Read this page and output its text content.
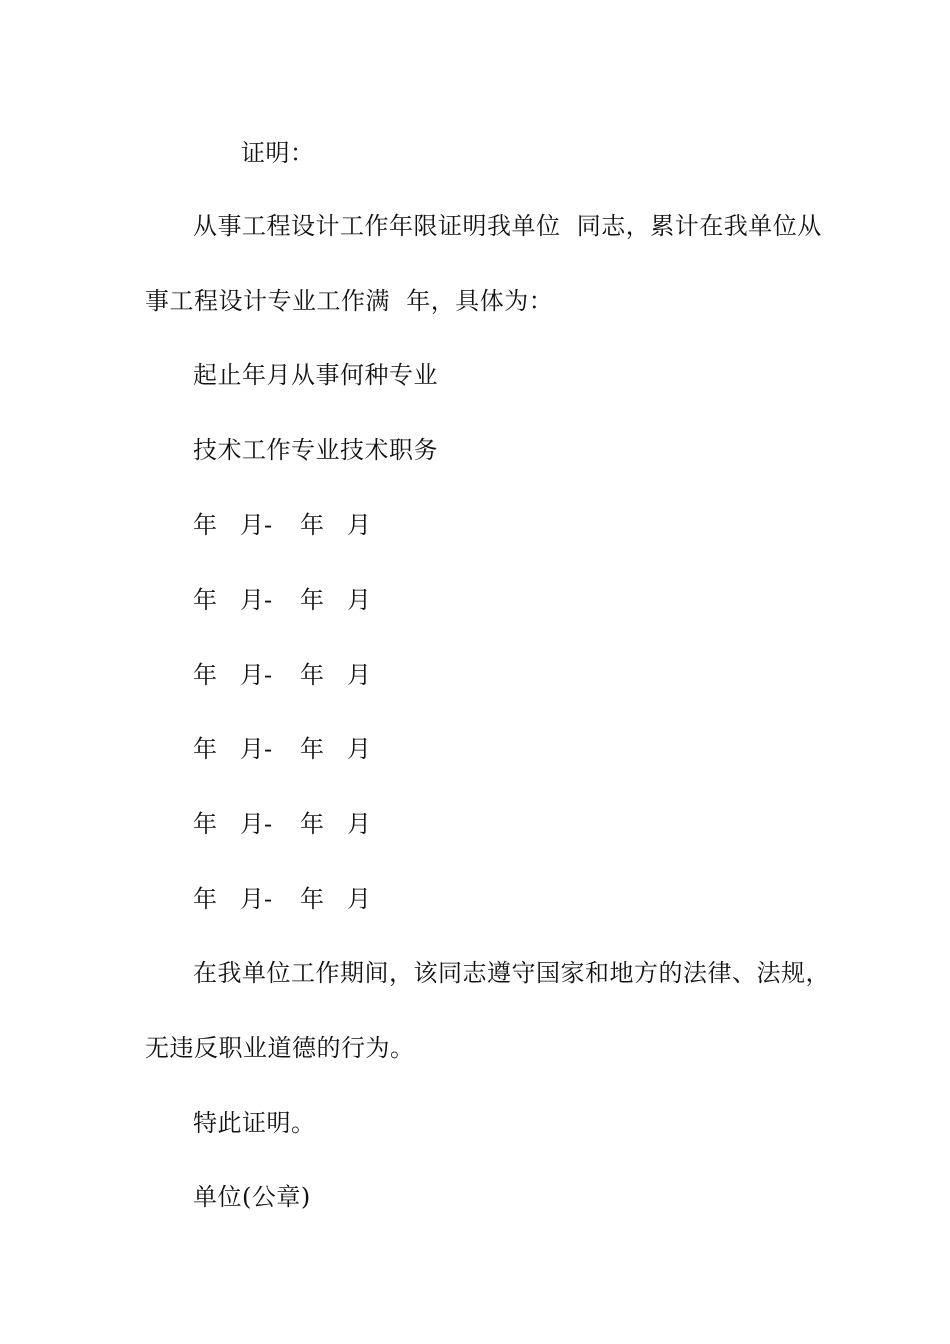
证明：
从事工程设计工作年限证明我单位  同志，累计在我单位从
事工程设计专业工作满  年，具体为：
起止年月从事何种专业
技术工作专业技术职务
年 月- 年 月
年 月- 年 月
年 月- 年 月
年 月- 年 月
年 月- 年 月
年 月- 年 月
在我单位工作期间，该同志遵守国家和地方的法律、法规，
无违反职业道德的行为。
特此证明。
单位(公章)
